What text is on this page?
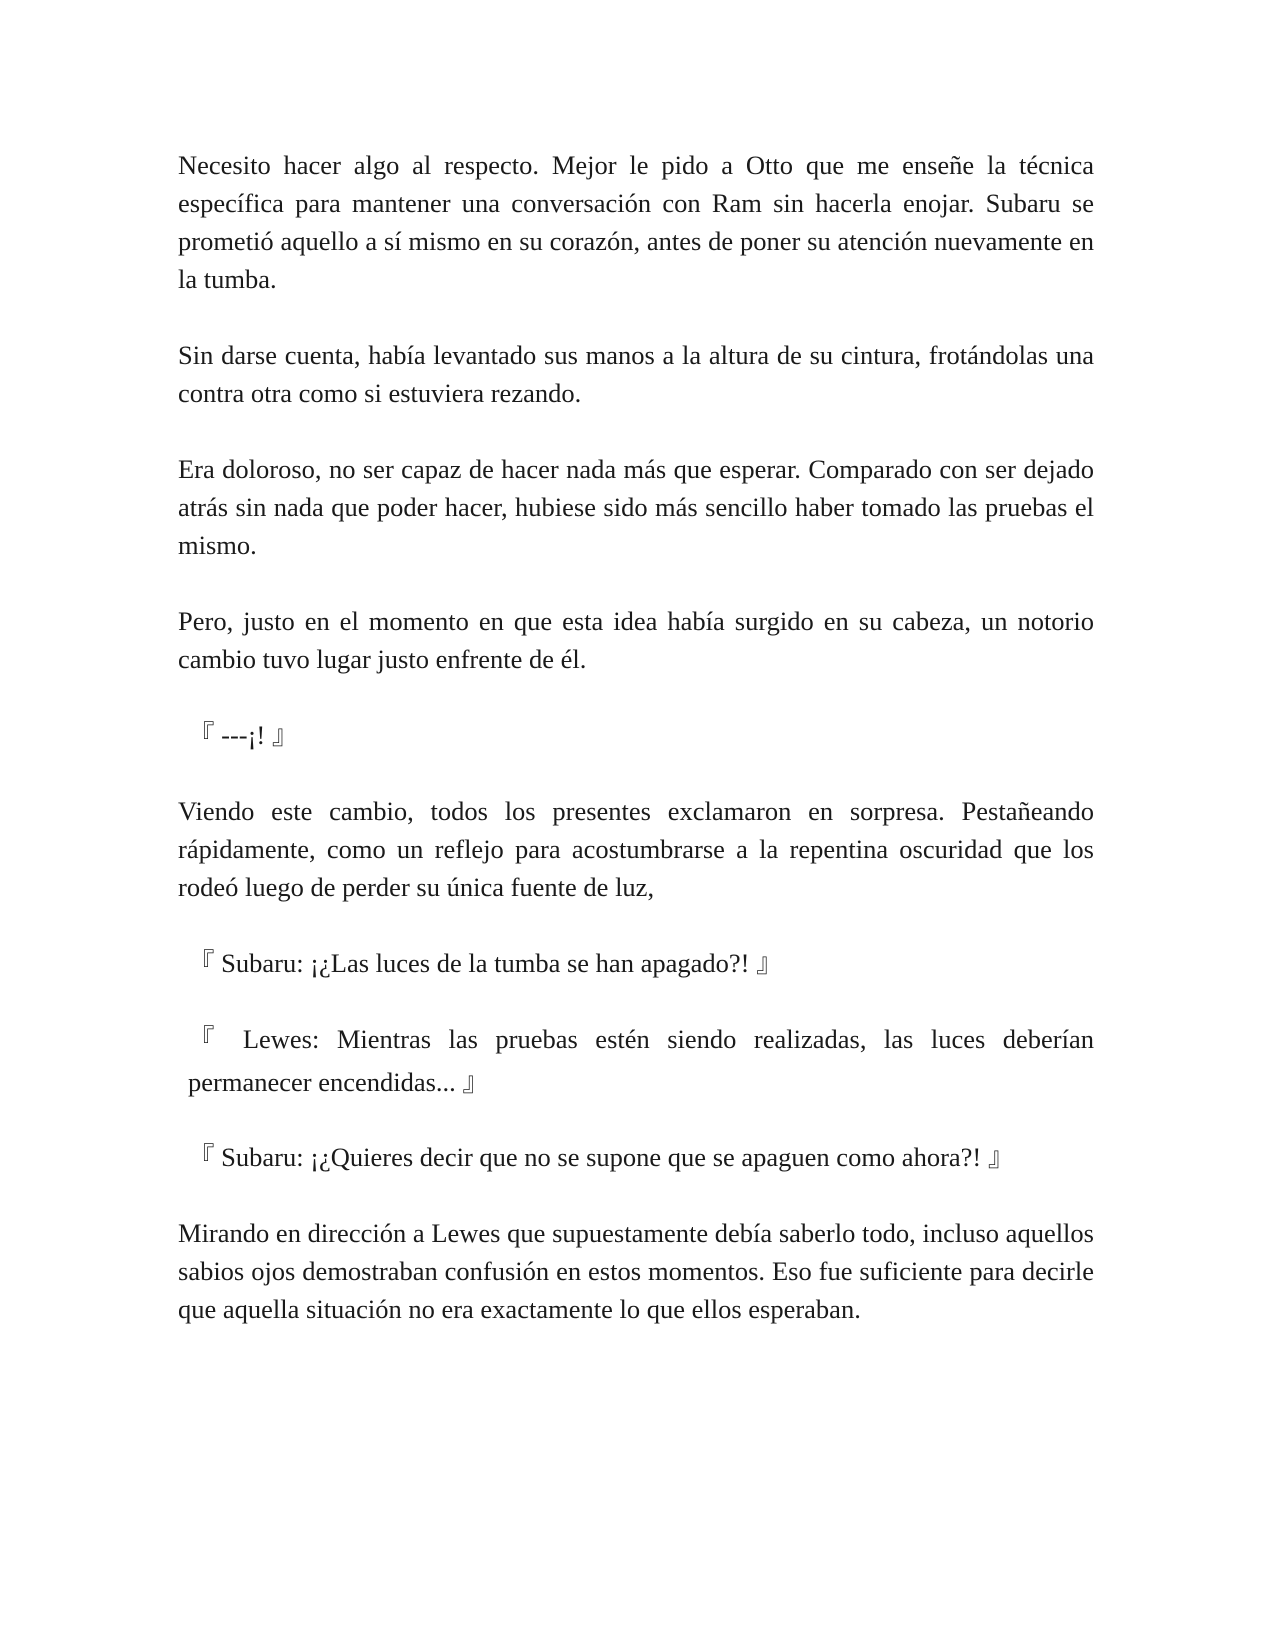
Necesito hacer algo al respecto. Mejor le pido a Otto que me enseñe la técnica específica para mantener una conversación con Ram sin hacerla enojar. Subaru se prometió aquello a sí mismo en su corazón, antes de poner su atención nuevamente en la tumba.

Sin darse cuenta, había levantado sus manos a la altura de su cintura, frotándolas una contra otra como si estuviera rezando.

Era doloroso, no ser capaz de hacer nada más que esperar. Comparado con ser dejado atrás sin nada que poder hacer, hubiese sido más sencillo haber tomado las pruebas el mismo.

Pero, justo en el momento en que esta idea había surgido en su cabeza, un notorio cambio tuvo lugar justo enfrente de él.

『 ---¡! 』

Viendo este cambio, todos los presentes exclamaron en sorpresa. Pestañeando rápidamente, como un reflejo para acostumbrarse a la repentina oscuridad que los rodeó luego de perder su única fuente de luz,

『 Subaru: ¡¿Las luces de la tumba se han apagado?! 』

『 Lewes: Mientras las pruebas estén siendo realizadas, las luces deberían permanecer encendidas... 』

『 Subaru: ¡¿Quieres decir que no se supone que se apaguen como ahora?! 』

Mirando en dirección a Lewes que supuestamente debía saberlo todo, incluso aquellos sabios ojos demostraban confusión en estos momentos. Eso fue suficiente para decirle que aquella situación no era exactamente lo que ellos esperaban.
